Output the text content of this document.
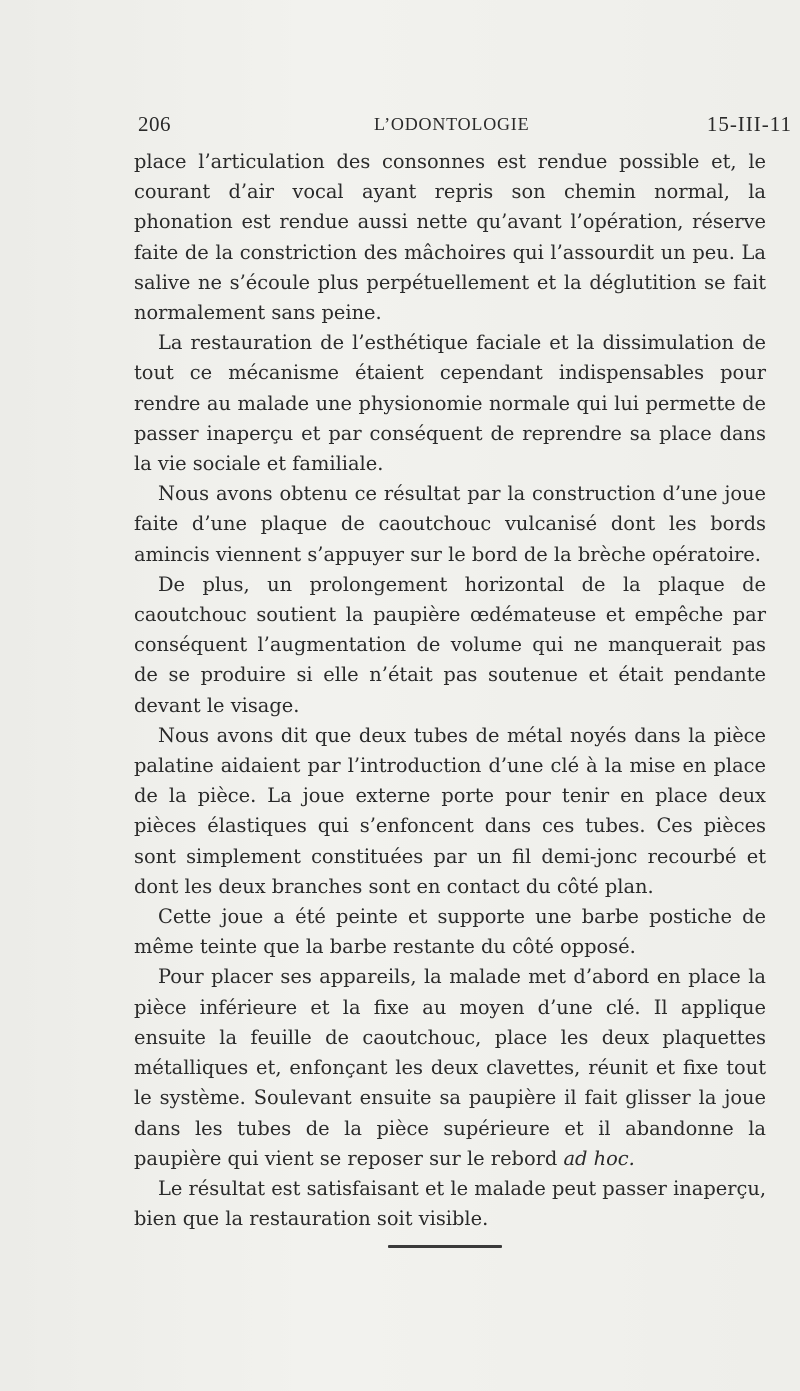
206	L’ODONTOLOGIE	15-III-11

place l’articulation des consonnes est rendue possible et, le courant d’air vocal ayant repris son chemin normal, la phonation est rendue aussi nette qu’avant l’opération, réserve faite de la constriction des mâchoires qui l’assourdit un peu. La salive ne s’écoule plus perpétuellement et la déglutition se fait normalement sans peine.

La restauration de l’esthétique faciale et la dissimulation de tout ce mécanisme étaient cependant indispensables pour rendre au malade une physionomie normale qui lui permette de passer inaperçu et par conséquent de reprendre sa place dans la vie sociale et familiale.

Nous avons obtenu ce résultat par la construction d’une joue faite d’une plaque de caoutchouc vulcanisé dont les bords amincis viennent s’appuyer sur le bord de la brèche opératoire.

De plus, un prolongement horizontal de la plaque de caoutchouc soutient la paupière œdémateuse et empêche par conséquent l’augmentation de volume qui ne manquerait pas de se produire si elle n’était pas soutenue et était pendante devant le visage.

Nous avons dit que deux tubes de métal noyés dans la pièce palatine aidaient par l’introduction d’une clé à la mise en place de la pièce. La joue externe porte pour tenir en place deux pièces élastiques qui s’enfoncent dans ces tubes. Ces pièces sont simplement constituées par un fil demi-jonc recourbé et dont les deux branches sont en contact du côté plan.

Cette joue a été peinte et supporte une barbe postiche de même teinte que la barbe restante du côté opposé.

Pour placer ses appareils, la malade met d’abord en place la pièce inférieure et la fixe au moyen d’une clé. Il applique ensuite la feuille de caoutchouc, place les deux plaquettes métalliques et, enfonçant les deux clavettes, réunit et fixe tout le système. Soulevant ensuite sa paupière il fait glisser la joue dans les tubes de la pièce supérieure et il abandonne la paupière qui vient se reposer sur le rebord ad hoc.

Le résultat est satisfaisant et le malade peut passer inaperçu, bien que la restauration soit visible.
